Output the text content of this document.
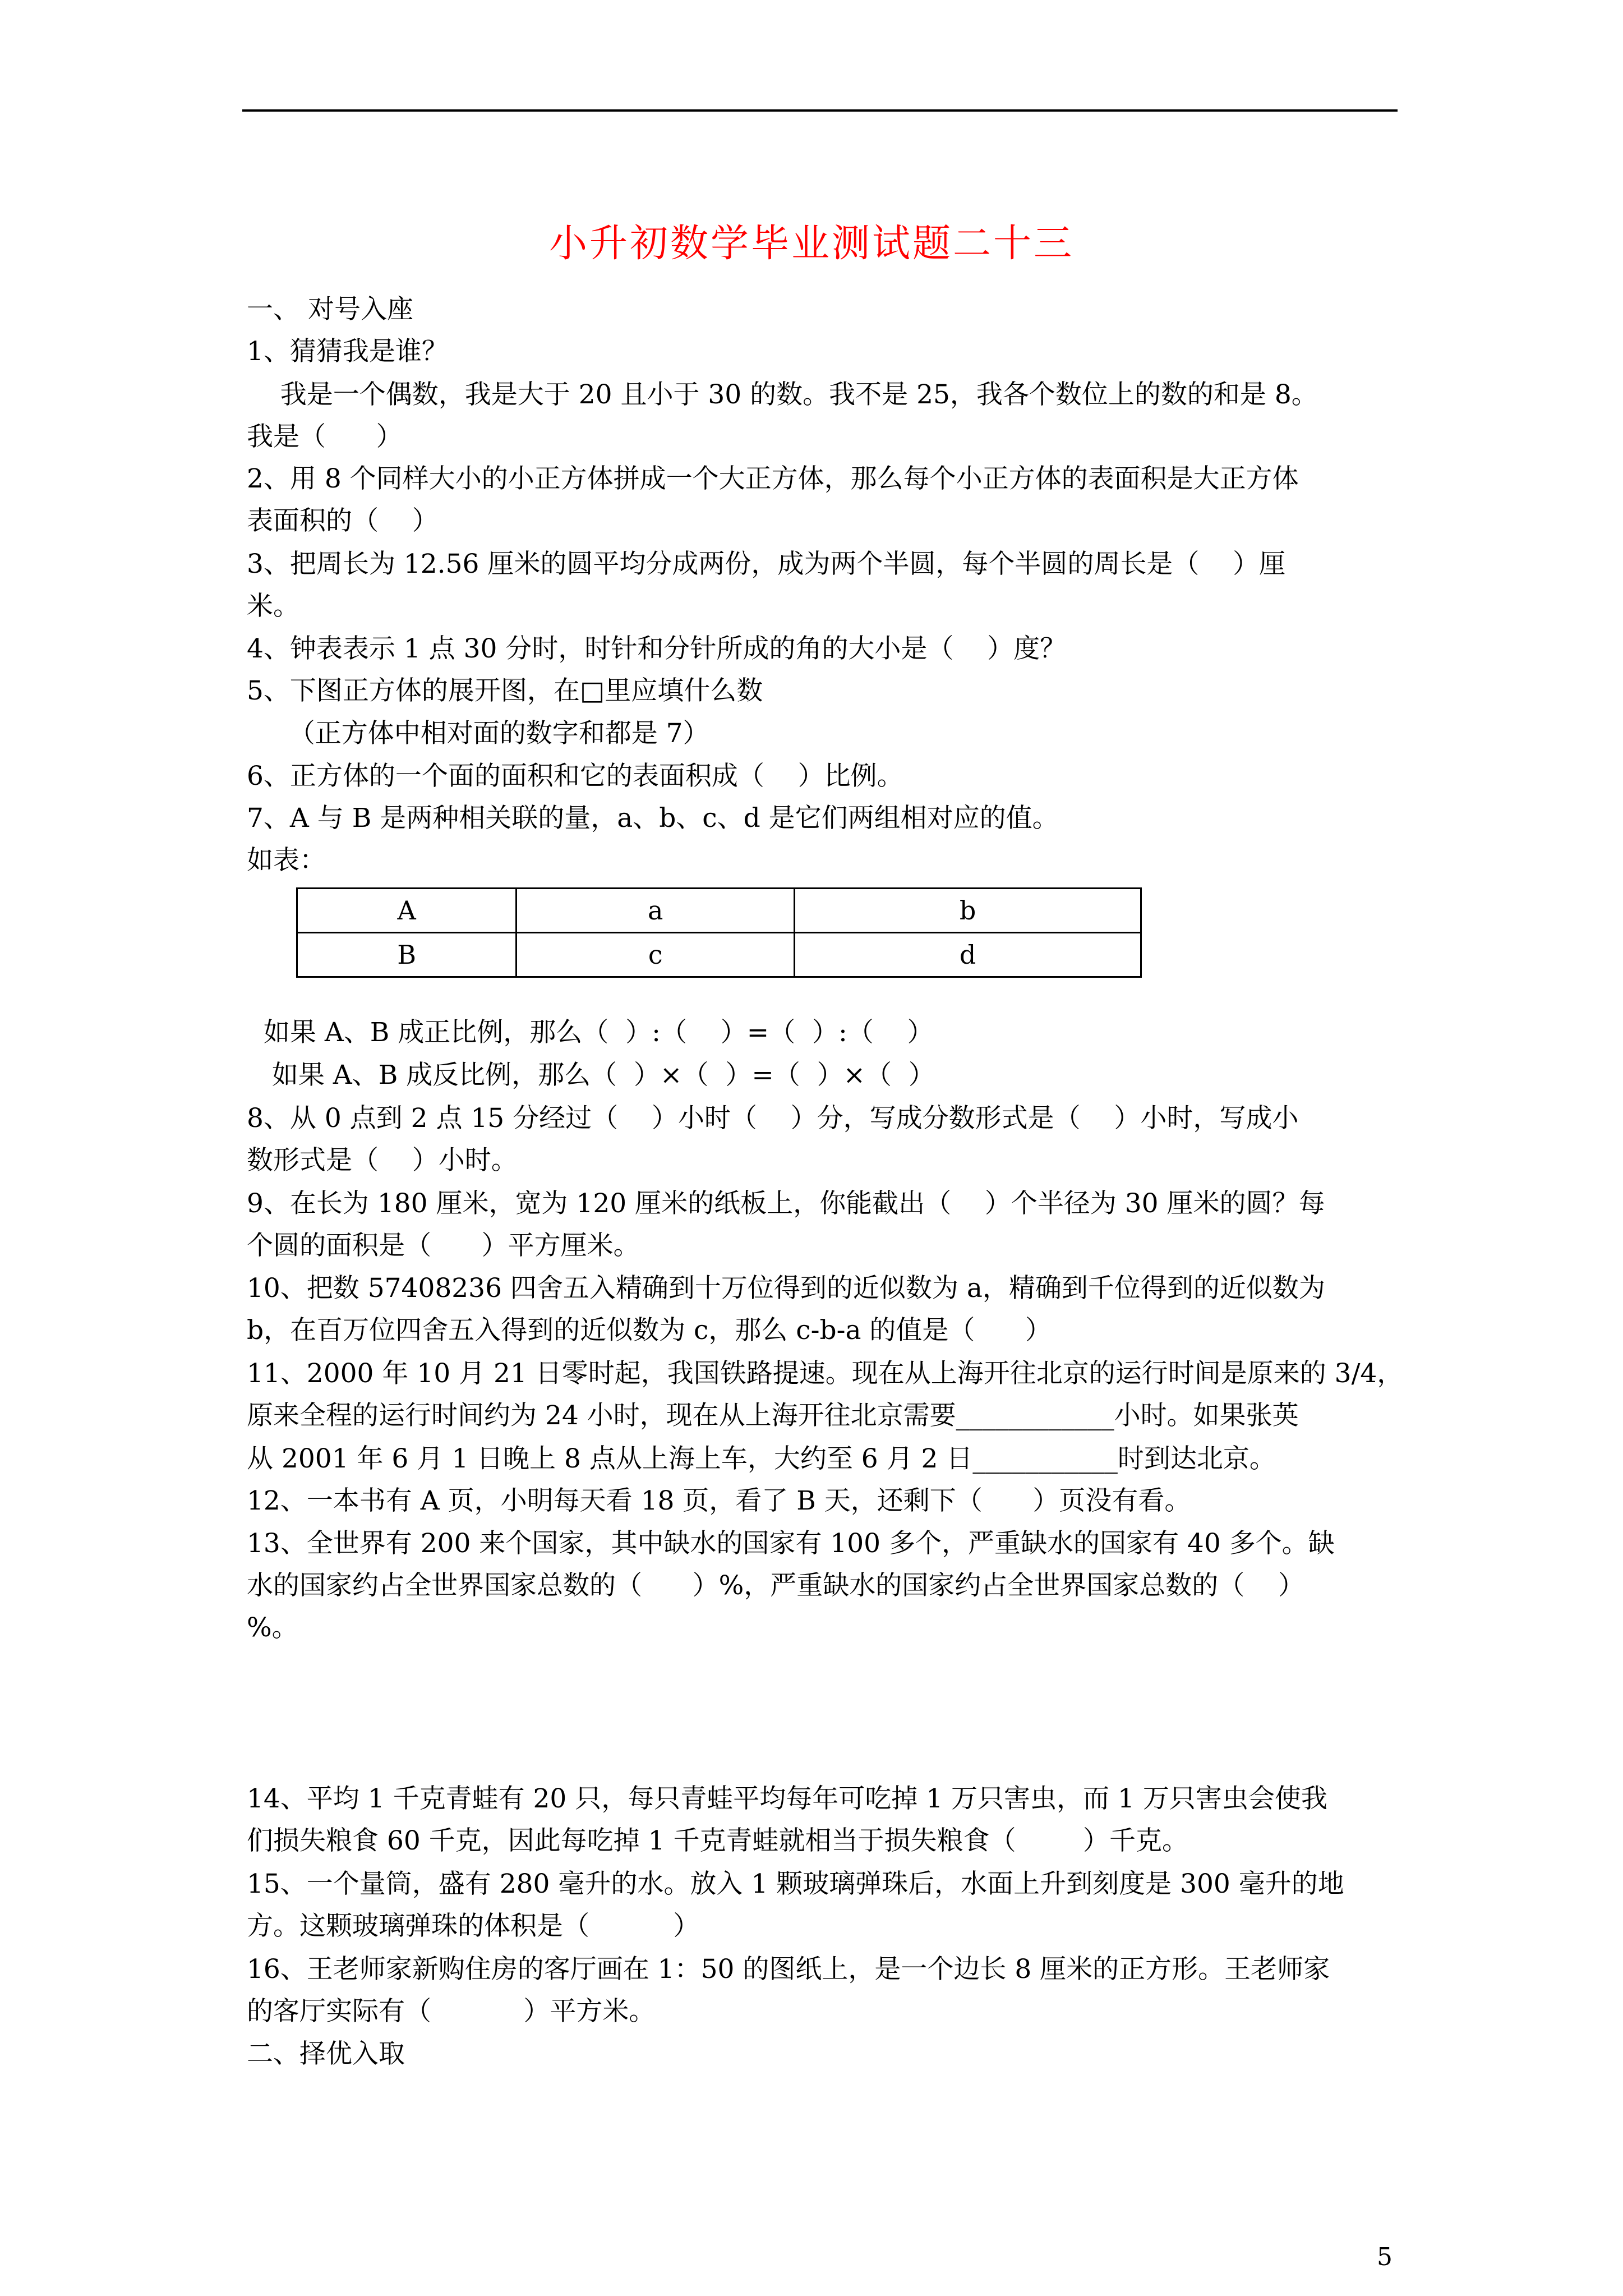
小升初数学毕业测试题二十三
一、 对号入座
1、猜猜我是谁？
我是一个偶数，我是大于 20 且小于 30 的数。我不是 25，我各个数位上的数的和是 8。
我是（      ）
2、用 8 个同样大小的小正方体拼成一个大正方体，那么每个小正方体的表面积是大正方体
表面积的（    ）
3、把周长为 12.56 厘米的圆平均分成两份，成为两个半圆，每个半圆的周长是（    ）厘
米。
4、钟表表示 1 点 30 分时，时针和分针所成的角的大小是（    ）度？
5、下图正方体的展开图，在□里应填什么数
（正方体中相对面的数字和都是 7）
6、正方体的一个面的面积和它的表面积成（    ）比例。
7、A 与 B 是两种相关联的量，a、b、c、d 是它们两组相对应的值。
如表：
A	a	b
B	c	d
如果 A、B 成正比例，那么（  ）:（    ）=（  ）:（    ）
如果 A、B 成反比例，那么（  ）×（  ）=（  ）×（  ）
8、从 0 点到 2 点 15 分经过（    ）小时（    ）分，写成分数形式是（    ）小时，写成小
数形式是（    ）小时。
9、在长为 180 厘米，宽为 120 厘米的纸板上，你能截出（    ）个半径为 30 厘米的圆？每
个圆的面积是（      ）平方厘米。
10、把数 57408236 四舍五入精确到十万位得到的近似数为 a，精确到千位得到的近似数为
b，在百万位四舍五入得到的近似数为 c，那么 c-b-a 的值是（      ）
11、2000 年 10 月 21 日零时起，我国铁路提速。现在从上海开往北京的运行时间是原来的 3/4，
原来全程的运行时间约为 24 小时，现在从上海开往北京需要____________小时。如果张英
从 2001 年 6 月 1 日晚上 8 点从上海上车，大约至 6 月 2 日___________时到达北京。
12、一本书有 A 页，小明每天看 18 页，看了 B 天，还剩下（      ）页没有看。
13、全世界有 200 来个国家，其中缺水的国家有 100 多个，严重缺水的国家有 40 多个。缺
水的国家约占全世界国家总数的（      ）%，严重缺水的国家约占全世界国家总数的（    ）
%。
14、平均 1 千克青蛙有 20 只，每只青蛙平均每年可吃掉 1 万只害虫，而 1 万只害虫会使我
们损失粮食 60 千克，因此每吃掉 1 千克青蛙就相当于损失粮食（        ）千克。
15、一个量筒，盛有 280 毫升的水。放入 1 颗玻璃弹珠后，水面上升到刻度是 300 毫升的地
方。这颗玻璃弹珠的体积是（          ）
16、王老师家新购住房的客厅画在 1：50 的图纸上，是一个边长 8 厘米的正方形。王老师家
的客厅实际有（           ）平方米。
二、择优入取
5
